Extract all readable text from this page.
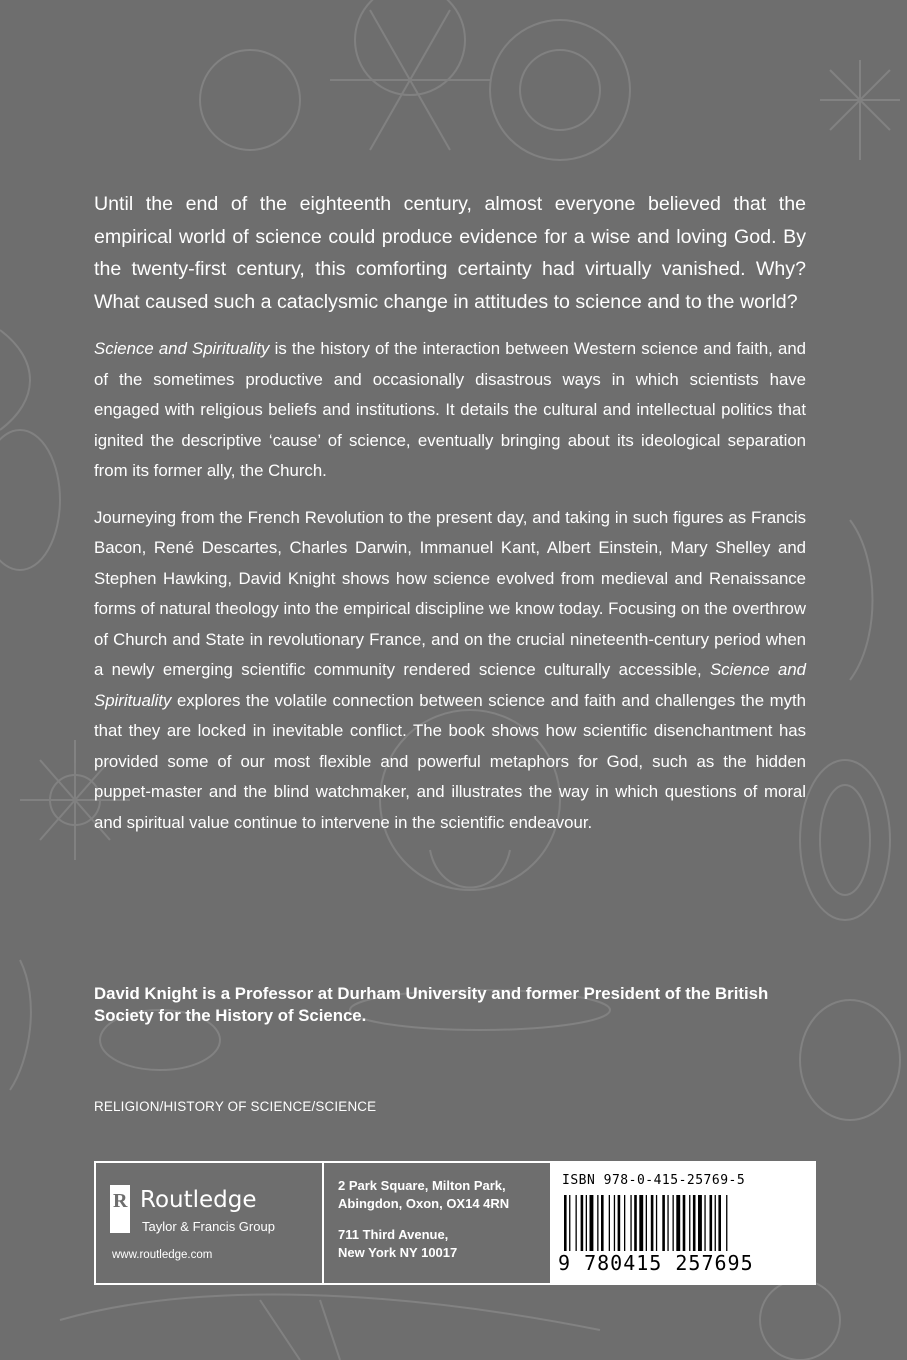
Until the end of the eighteenth century, almost everyone believed that the empirical world of science could produce evidence for a wise and loving God. By the twenty-first century, this comforting certainty had virtually vanished. Why? What caused such a cataclysmic change in attitudes to science and to the world?

Science and Spirituality is the history of the interaction between Western science and faith, and of the sometimes productive and occasionally disastrous ways in which scientists have engaged with religious beliefs and institutions. It details the cultural and intellectual politics that ignited the descriptive ‘cause’ of science, eventually bringing about its ideological separation from its former ally, the Church.

Journeying from the French Revolution to the present day, and taking in such figures as Francis Bacon, René Descartes, Charles Darwin, Immanuel Kant, Albert Einstein, Mary Shelley and Stephen Hawking, David Knight shows how science evolved from medieval and Renaissance forms of natural theology into the empirical discipline we know today. Focusing on the overthrow of Church and State in revolutionary France, and on the crucial nineteenth-century period when a newly emerging scientific community rendered science culturally accessible, Science and Spirituality explores the volatile connection between science and faith and challenges the myth that they are locked in inevitable conflict. The book shows how scientific disenchantment has provided some of our most flexible and powerful metaphors for God, such as the hidden puppet-master and the blind watchmaker, and illustrates the way in which questions of moral and spiritual value continue to intervene in the scientific endeavour.

David Knight is a Professor at Durham University and former President of the British Society for the History of Science.
RELIGION/HISTORY OF SCIENCE/SCIENCE
R Routledge
Taylor & Francis Group
www.routledge.com
2 Park Square, Milton Park,
Abingdon, Oxon, OX14 4RN
711 Third Avenue,
New York NY 10017
ISBN 978-0-415-25769-5
9 780415 257695
